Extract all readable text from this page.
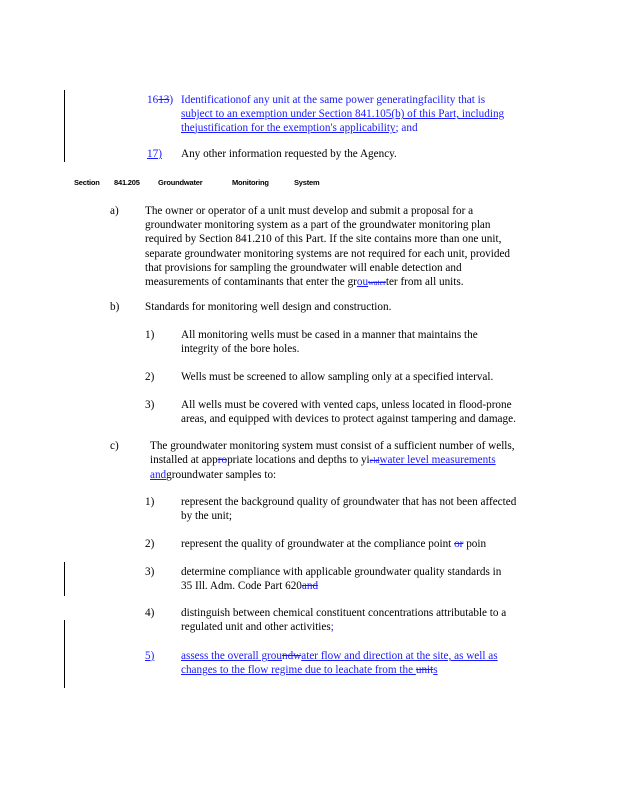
1613) Identificationof any unit at the same power generatingfacility that is
subject to an exemption under Section 841.105(b) of this Part, including
thejustification for the exemption's applicability; and
17) Any other information requested by the Agency.
Section 841.205 Groundwater	Monitoring	System
a) The owner or operator of a unit must develop and submit a proposal for a
groundwater monitoring system as a part of the groundwater monitoring plan
required by Section 841.210 of this Part. If the site contains more than one unit,
separate groundwater monitoring systems are not required for each unit, provided
that provisions for sampling the groundwater will enable detection and
measurements of contaminants that enter the grouwaterter from all units.
b) Standards for monitoring well design and construction.
1) All monitoring wells must be cased in a manner that maintains the
integrity of the bore holes.
2) Wells must be screened to allow sampling only at a specified interval.
3) All wells must be covered with vented caps, unless located in flood-prone
areas, and equipped with devices to protect against tampering and damage.
c)	The groundwater monitoring system must consist of a sufficient number of wells,
installed at appropriate locations and depths to yieldwater level measurements
andgroundwater samples to:
1) represent the background quality of groundwater that has not been affected
by the unit;
2) represent the quality of groundwater at the compliance point or poin
3) determine compliance with applicable groundwater quality standards in
35 Ill. Adm. Code Part 620and
4) distinguish between chemical constituent concentrations attributable to a
regulated unit and other activities;
5) assess the overall groundwater flow and direction at the site, as well as
changes to the flow regime due to leachate from the units
